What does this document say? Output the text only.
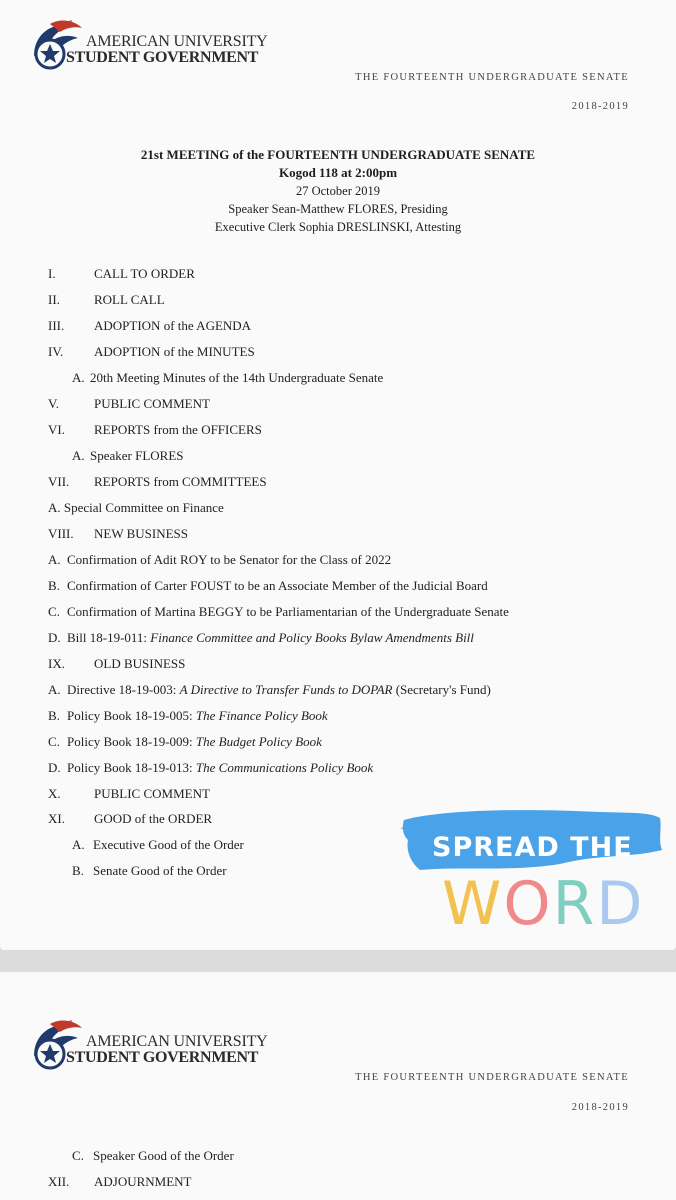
AMERICAN UNIVERSITY
STUDENT GOVERNMENT
THE FOURTEENTH UNDERGRADUATE SENATE
2018-2019
21st MEETING of the FOURTEENTH UNDERGRADUATE SENATE
Kogod 118 at 2:00pm
27 October 2019
Speaker Sean-Matthew FLORES, Presiding
Executive Clerk Sophia DRESLINSKI, Attesting
I.	CALL TO ORDER
II.	ROLL CALL
III. ADOPTION of the AGENDA
IV. ADOPTION of the MINUTES
A. 20th Meeting Minutes of the 14th Undergraduate Senate
V.	PUBLIC COMMENT
VI. REPORTS from the OFFICERS
A. Speaker FLORES
VII. REPORTS from COMMITTEES
A. Special Committee on Finance
VIII. NEW BUSINESS
A. Confirmation of Adit ROY to be Senator for the Class of 2022
B. Confirmation of Carter FOUST to be an Associate Member of the Judicial Board
C. Confirmation of Martina BEGGY to be Parliamentarian of the Undergraduate Senate
D. Bill 18-19-011: Finance Committee and Policy Books Bylaw Amendments Bill
IX. OLD BUSINESS
A. Directive 18-19-003: A Directive to Transfer Funds to DOPAR (Secretary's Fund)
B. Policy Book 18-19-005: The Finance Policy Book
C. Policy Book 18-19-009: The Budget Policy Book
D. Policy Book 18-19-013: The Communications Policy Book
X.	PUBLIC COMMENT
XI. GOOD of the ORDER
A. Executive Good of the Order
B. Senate Good of the Order
SPREAD THE
WORD
AMERICAN UNIVERSITY
STUDENT GOVERNMENT
THE FOURTEENTH UNDERGRADUATE SENATE
2018-2019
C. Speaker Good of the Order
XII. ADJOURNMENT
